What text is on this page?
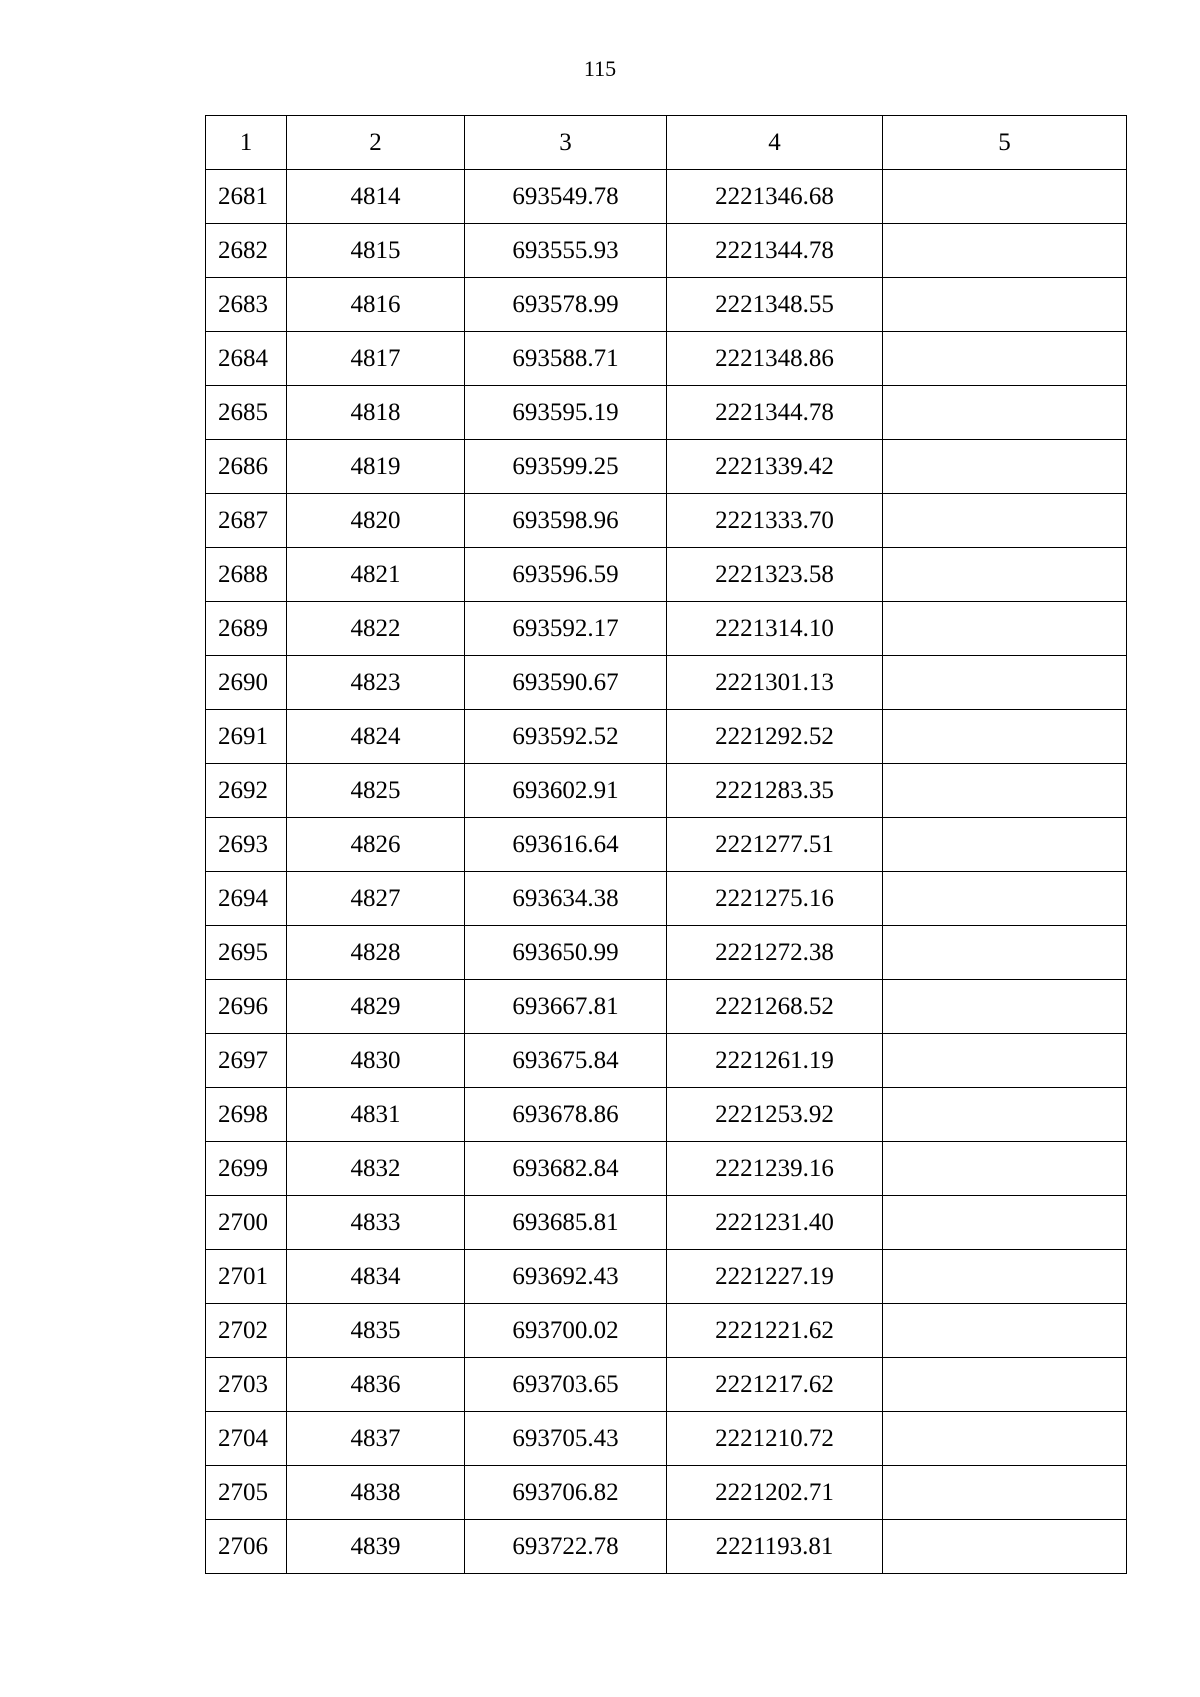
115
1	2	3	4	5
2681	4814	693549.78	2221346.68	
2682	4815	693555.93	2221344.78	
2683	4816	693578.99	2221348.55	
2684	4817	693588.71	2221348.86	
2685	4818	693595.19	2221344.78	
2686	4819	693599.25	2221339.42	
2687	4820	693598.96	2221333.70	
2688	4821	693596.59	2221323.58	
2689	4822	693592.17	2221314.10	
2690	4823	693590.67	2221301.13	
2691	4824	693592.52	2221292.52	
2692	4825	693602.91	2221283.35	
2693	4826	693616.64	2221277.51	
2694	4827	693634.38	2221275.16	
2695	4828	693650.99	2221272.38	
2696	4829	693667.81	2221268.52	
2697	4830	693675.84	2221261.19	
2698	4831	693678.86	2221253.92	
2699	4832	693682.84	2221239.16	
2700	4833	693685.81	2221231.40	
2701	4834	693692.43	2221227.19	
2702	4835	693700.02	2221221.62	
2703	4836	693703.65	2221217.62	
2704	4837	693705.43	2221210.72	
2705	4838	693706.82	2221202.71	
2706	4839	693722.78	2221193.81	
